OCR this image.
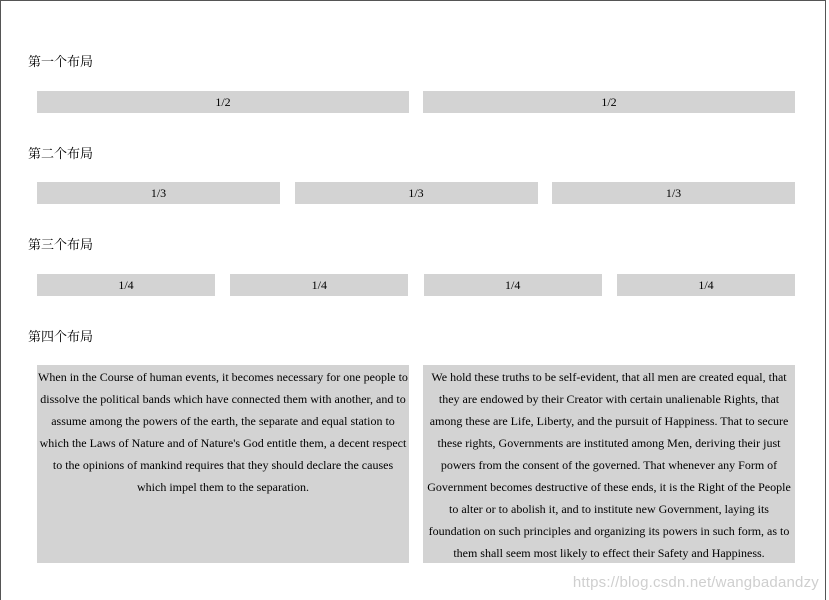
第一个布局
1/2	1/2
第二个布局
1/3	1/3	1/3
第三个布局
1/4	1/4	1/4	1/4
第四个布局
When in the Course of human events, it becomes necessary for one people to dissolve the political bands which have connected them with another, and to assume among the powers of the earth, the separate and equal station to which the Laws of Nature and of Nature's God entitle them, a decent respect to the opinions of mankind requires that they should declare the causes which impel them to the separation.
We hold these truths to be self-evident, that all men are created equal, that they are endowed by their Creator with certain unalienable Rights, that among these are Life, Liberty, and the pursuit of Happiness. That to secure these rights, Governments are instituted among Men, deriving their just powers from the consent of the governed. That whenever any Form of Government becomes destructive of these ends, it is the Right of the People to alter or to abolish it, and to institute new Government, laying its foundation on such principles and organizing its powers in such form, as to them shall seem most likely to effect their Safety and Happiness.
https://blog.csdn.net/wangbadandzy
